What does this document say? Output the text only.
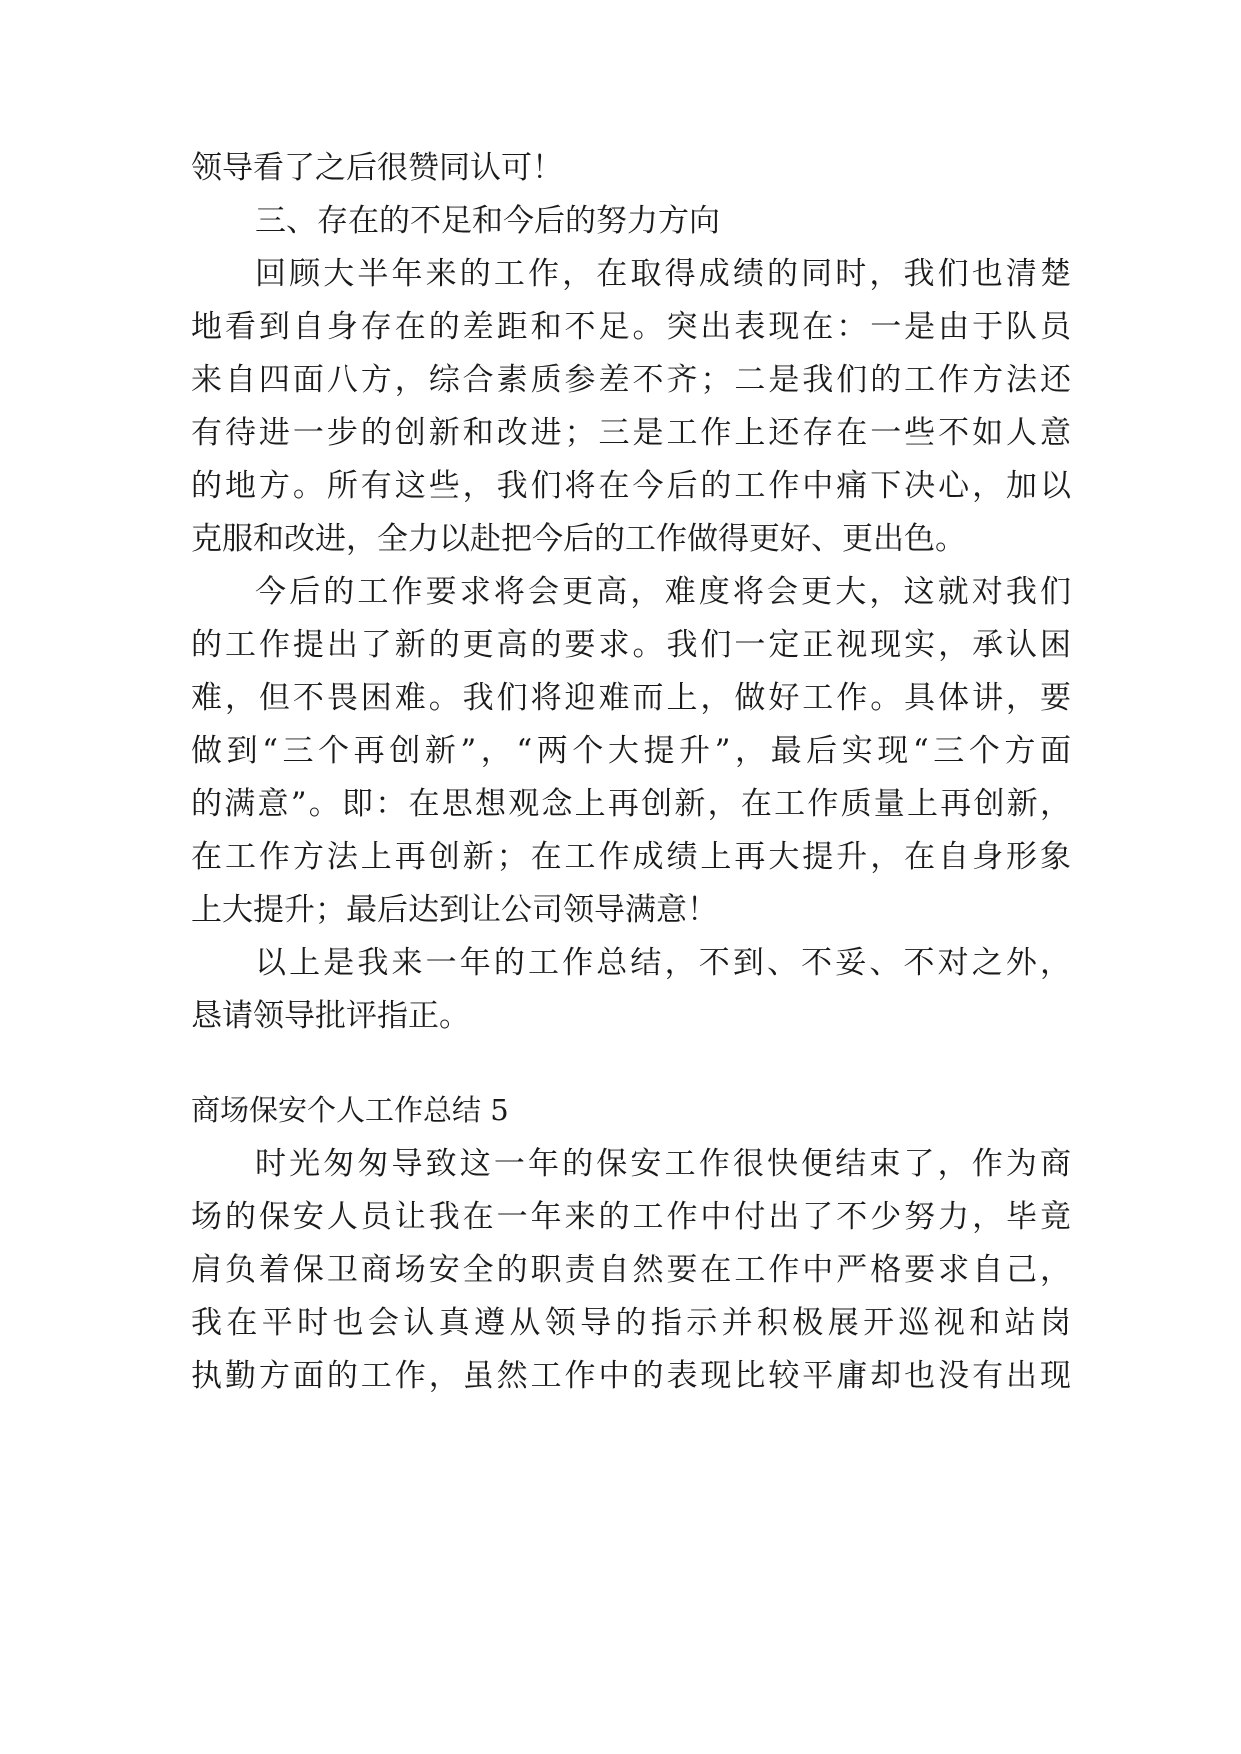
领导看了之后很赞同认可！
三、存在的不足和今后的努力方向
回顾大半年来的工作，在取得成绩的同时，我们也清楚
地看到自身存在的差距和不足。突出表现在：一是由于队员
来自四面八方，综合素质参差不齐；二是我们的工作方法还
有待进一步的创新和改进；三是工作上还存在一些不如人意
的地方。所有这些，我们将在今后的工作中痛下决心，加以
克服和改进，全力以赴把今后的工作做得更好、更出色。
今后的工作要求将会更高，难度将会更大，这就对我们
的工作提出了新的更高的要求。我们一定正视现实，承认困
难，但不畏困难。我们将迎难而上，做好工作。具体讲，要
做到“三个再创新”，“两个大提升”，最后实现“三个方面
的满意”。即：在思想观念上再创新，在工作质量上再创新，
在工作方法上再创新；在工作成绩上再大提升，在自身形象
上大提升；最后达到让公司领导满意！
以上是我来一年的工作总结，不到、不妥、不对之外，
恳请领导批评指正。
商场保安个人工作总结 5
时光匆匆导致这一年的保安工作很快便结束了，作为商
场的保安人员让我在一年来的工作中付出了不少努力，毕竟
肩负着保卫商场安全的职责自然要在工作中严格要求自己，
我在平时也会认真遵从领导的指示并积极展开巡视和站岗
执勤方面的工作，虽然工作中的表现比较平庸却也没有出现
